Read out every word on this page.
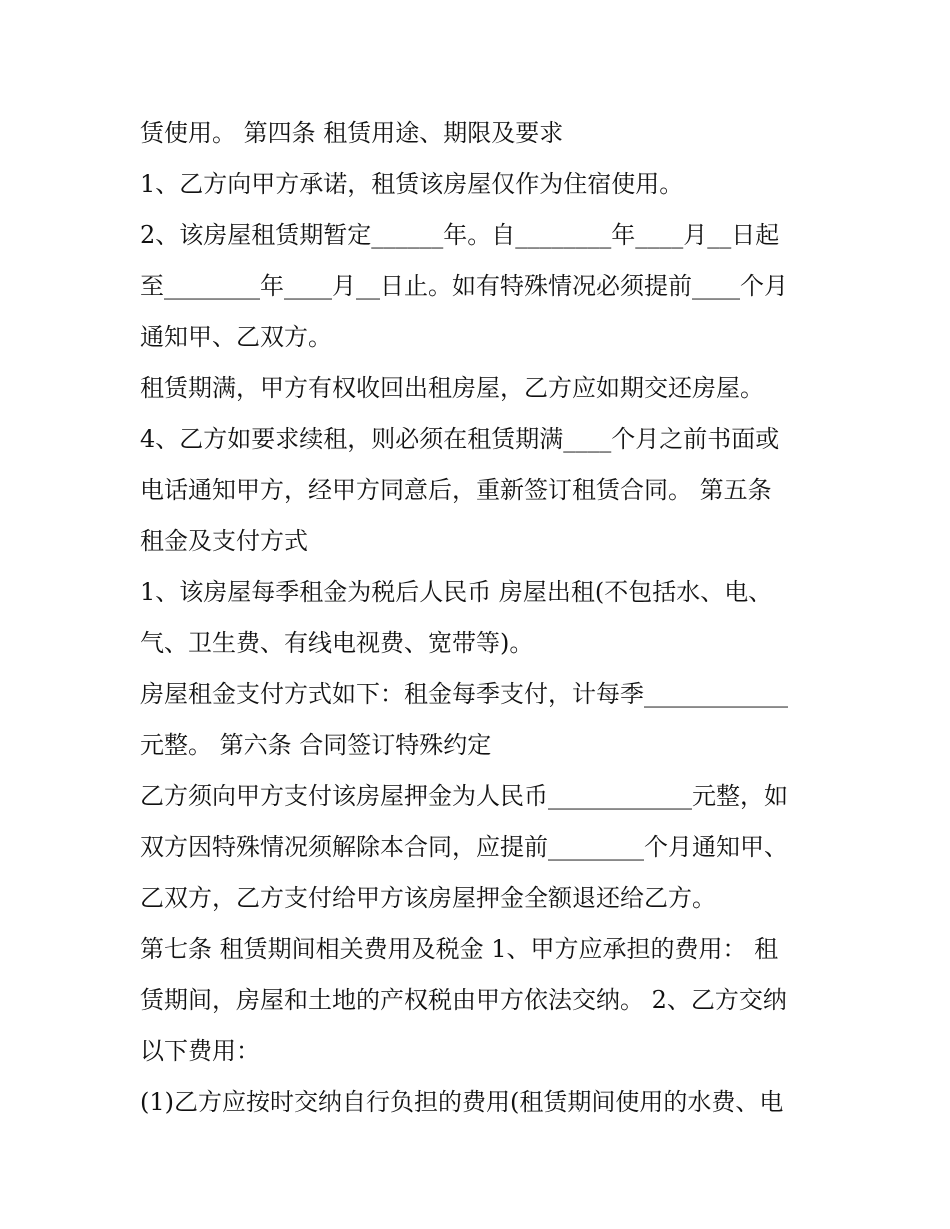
赁使用。 第四条 租赁用途、期限及要求
1、乙方向甲方承诺，租赁该房屋仅作为住宿使用。
2、该房屋租赁期暂定______年。自________年____月__日起
至________年____月__日止。如有特殊情况必须提前____个月
通知甲、乙双方。
租赁期满，甲方有权收回出租房屋，乙方应如期交还房屋。
4、乙方如要求续租，则必须在租赁期满____个月之前书面或
电话通知甲方，经甲方同意后，重新签订租赁合同。 第五条
租金及支付方式
1、该房屋每季租金为税后人民币 房屋出租(不包括水、电、
气、卫生费、有线电视费、宽带等)。
房屋租金支付方式如下：租金每季支付，计每季____________
元整。 第六条 合同签订特殊约定
乙方须向甲方支付该房屋押金为人民币____________元整，如
双方因特殊情况须解除本合同，应提前________个月通知甲、
乙双方，乙方支付给甲方该房屋押金全额退还给乙方。
第七条 租赁期间相关费用及税金 1、甲方应承担的费用： 租
赁期间，房屋和土地的产权税由甲方依法交纳。 2、乙方交纳
以下费用：
(1)乙方应按时交纳自行负担的费用(租赁期间使用的水费、电
